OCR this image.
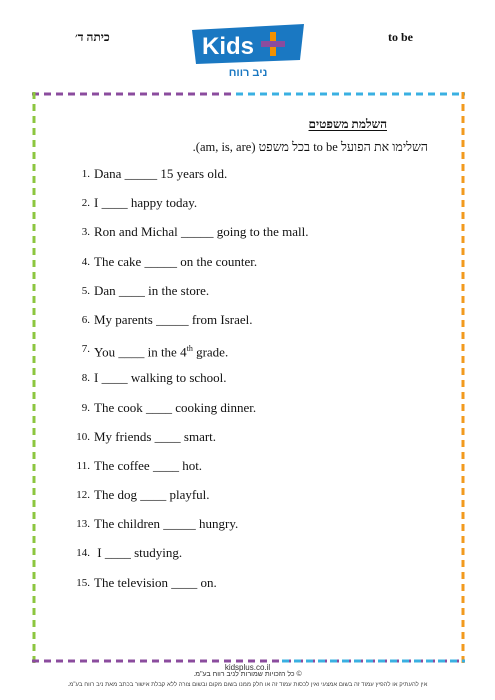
to be
כיתה ד׳	Kids
ניב רווח
השלמת משפטים
השלימו את הפועל to be בכל משפט (am, is, are).
1. Dana _____ 15 years old.
2. I ____ happy today.
3. Ron and Michal _____ going to the mall.
4. The cake _____ on the counter.
5. Dan ____ in the store.
6. My parents _____ from Israel.
7. You ____ in the 4th grade.
8. I ____ walking to school.
9. The cook ____ cooking dinner.
10. My friends ____ smart.
11. The coffee ____ hot.
12. The dog ____ playful.
13. The children _____ hungry.
14. I ____ studying.
15. The television ____ on.
kidsplus.co.il
© כל הזכויות שמורות לניב רווח בע"מ.
אין להעתיק או להפיץ עמוד זה בשום אמצעי ואין לכסות עמוד זה או חלק ממנו בשום מקום ובשום צורה ללא קבלת אישור בכתב מאת ניב רווח בע"מ.
